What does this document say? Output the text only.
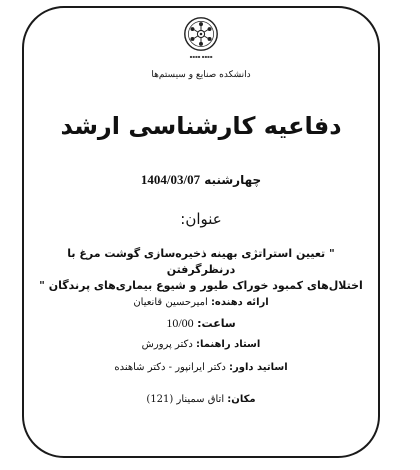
▪▪▪▪ ▪▪▪▪
دانشکده صنایع و سیستم‌ها
دفاعیه کارشناسی ارشد
چهارشنبه 1404/03/07
عنوان:
" تعیین استراتژی بهینه ذخیره‌سازی گوشت مرغ با درنظرگرفتن
اختلال‌های کمبود خوراک طیور و شیوع بیماری‌های پرندگان "
ارائه دهنده: امیرحسین قانعیان
ساعت: 10/00
استاد راهنما: دکتر پرورش
اساتید داور: دکتر ایرانپور - دکتر شاهنده
مکان: اتاق سمینار (121)
